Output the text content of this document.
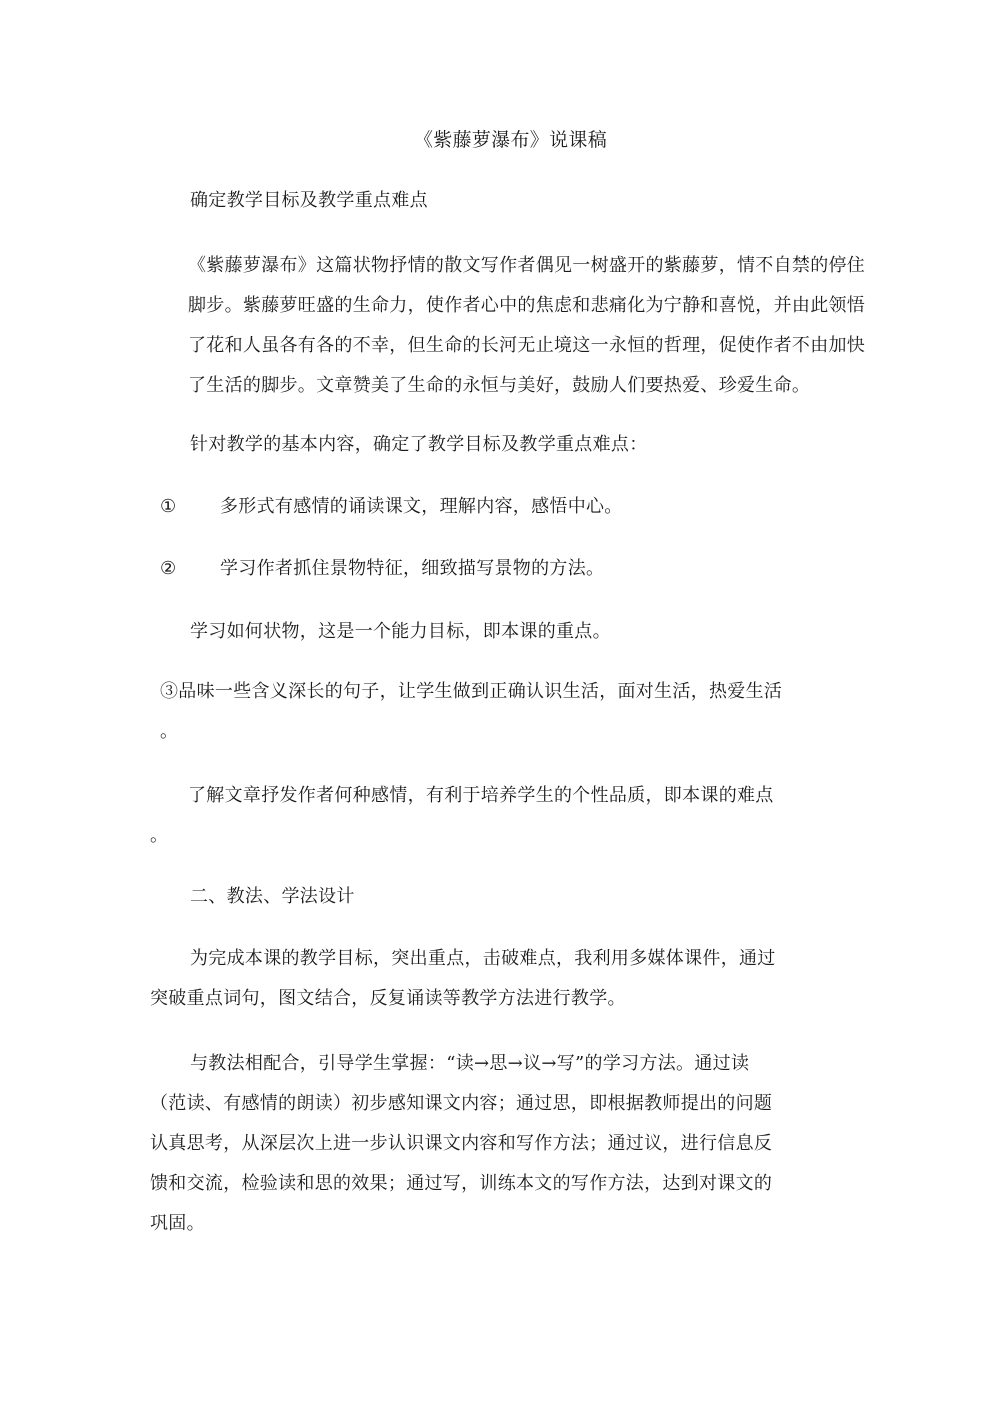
《紫藤萝瀑布》说课稿
确定教学目标及教学重点难点
《紫藤萝瀑布》这篇状物抒情的散文写作者偶见一树盛开的紫藤萝，情不自禁的停住
脚步。紫藤萝旺盛的生命力，使作者心中的焦虑和悲痛化为宁静和喜悦，并由此领悟
了花和人虽各有各的不幸，但生命的长河无止境这一永恒的哲理，促使作者不由加快
了生活的脚步。文章赞美了生命的永恒与美好，鼓励人们要热爱、珍爱生命。
针对教学的基本内容，确定了教学目标及教学重点难点：
① 多形式有感情的诵读课文，理解内容，感悟中心。
② 学习作者抓住景物特征，细致描写景物的方法。
学习如何状物，这是一个能力目标，即本课的重点。
③品味一些含义深长的句子，让学生做到正确认识生活，面对生活，热爱生活
。
了解文章抒发作者何种感情，有利于培养学生的个性品质，即本课的难点
。
二、教法、学法设计
为完成本课的教学目标，突出重点，击破难点，我利用多媒体课件，通过
突破重点词句，图文结合，反复诵读等教学方法进行教学。
与教法相配合，引导学生掌握：“读→思→议→写”的学习方法。通过读
（范读、有感情的朗读）初步感知课文内容；通过思，即根据教师提出的问题
认真思考，从深层次上进一步认识课文内容和写作方法；通过议，进行信息反
馈和交流，检验读和思的效果；通过写，训练本文的写作方法，达到对课文的
巩固。
